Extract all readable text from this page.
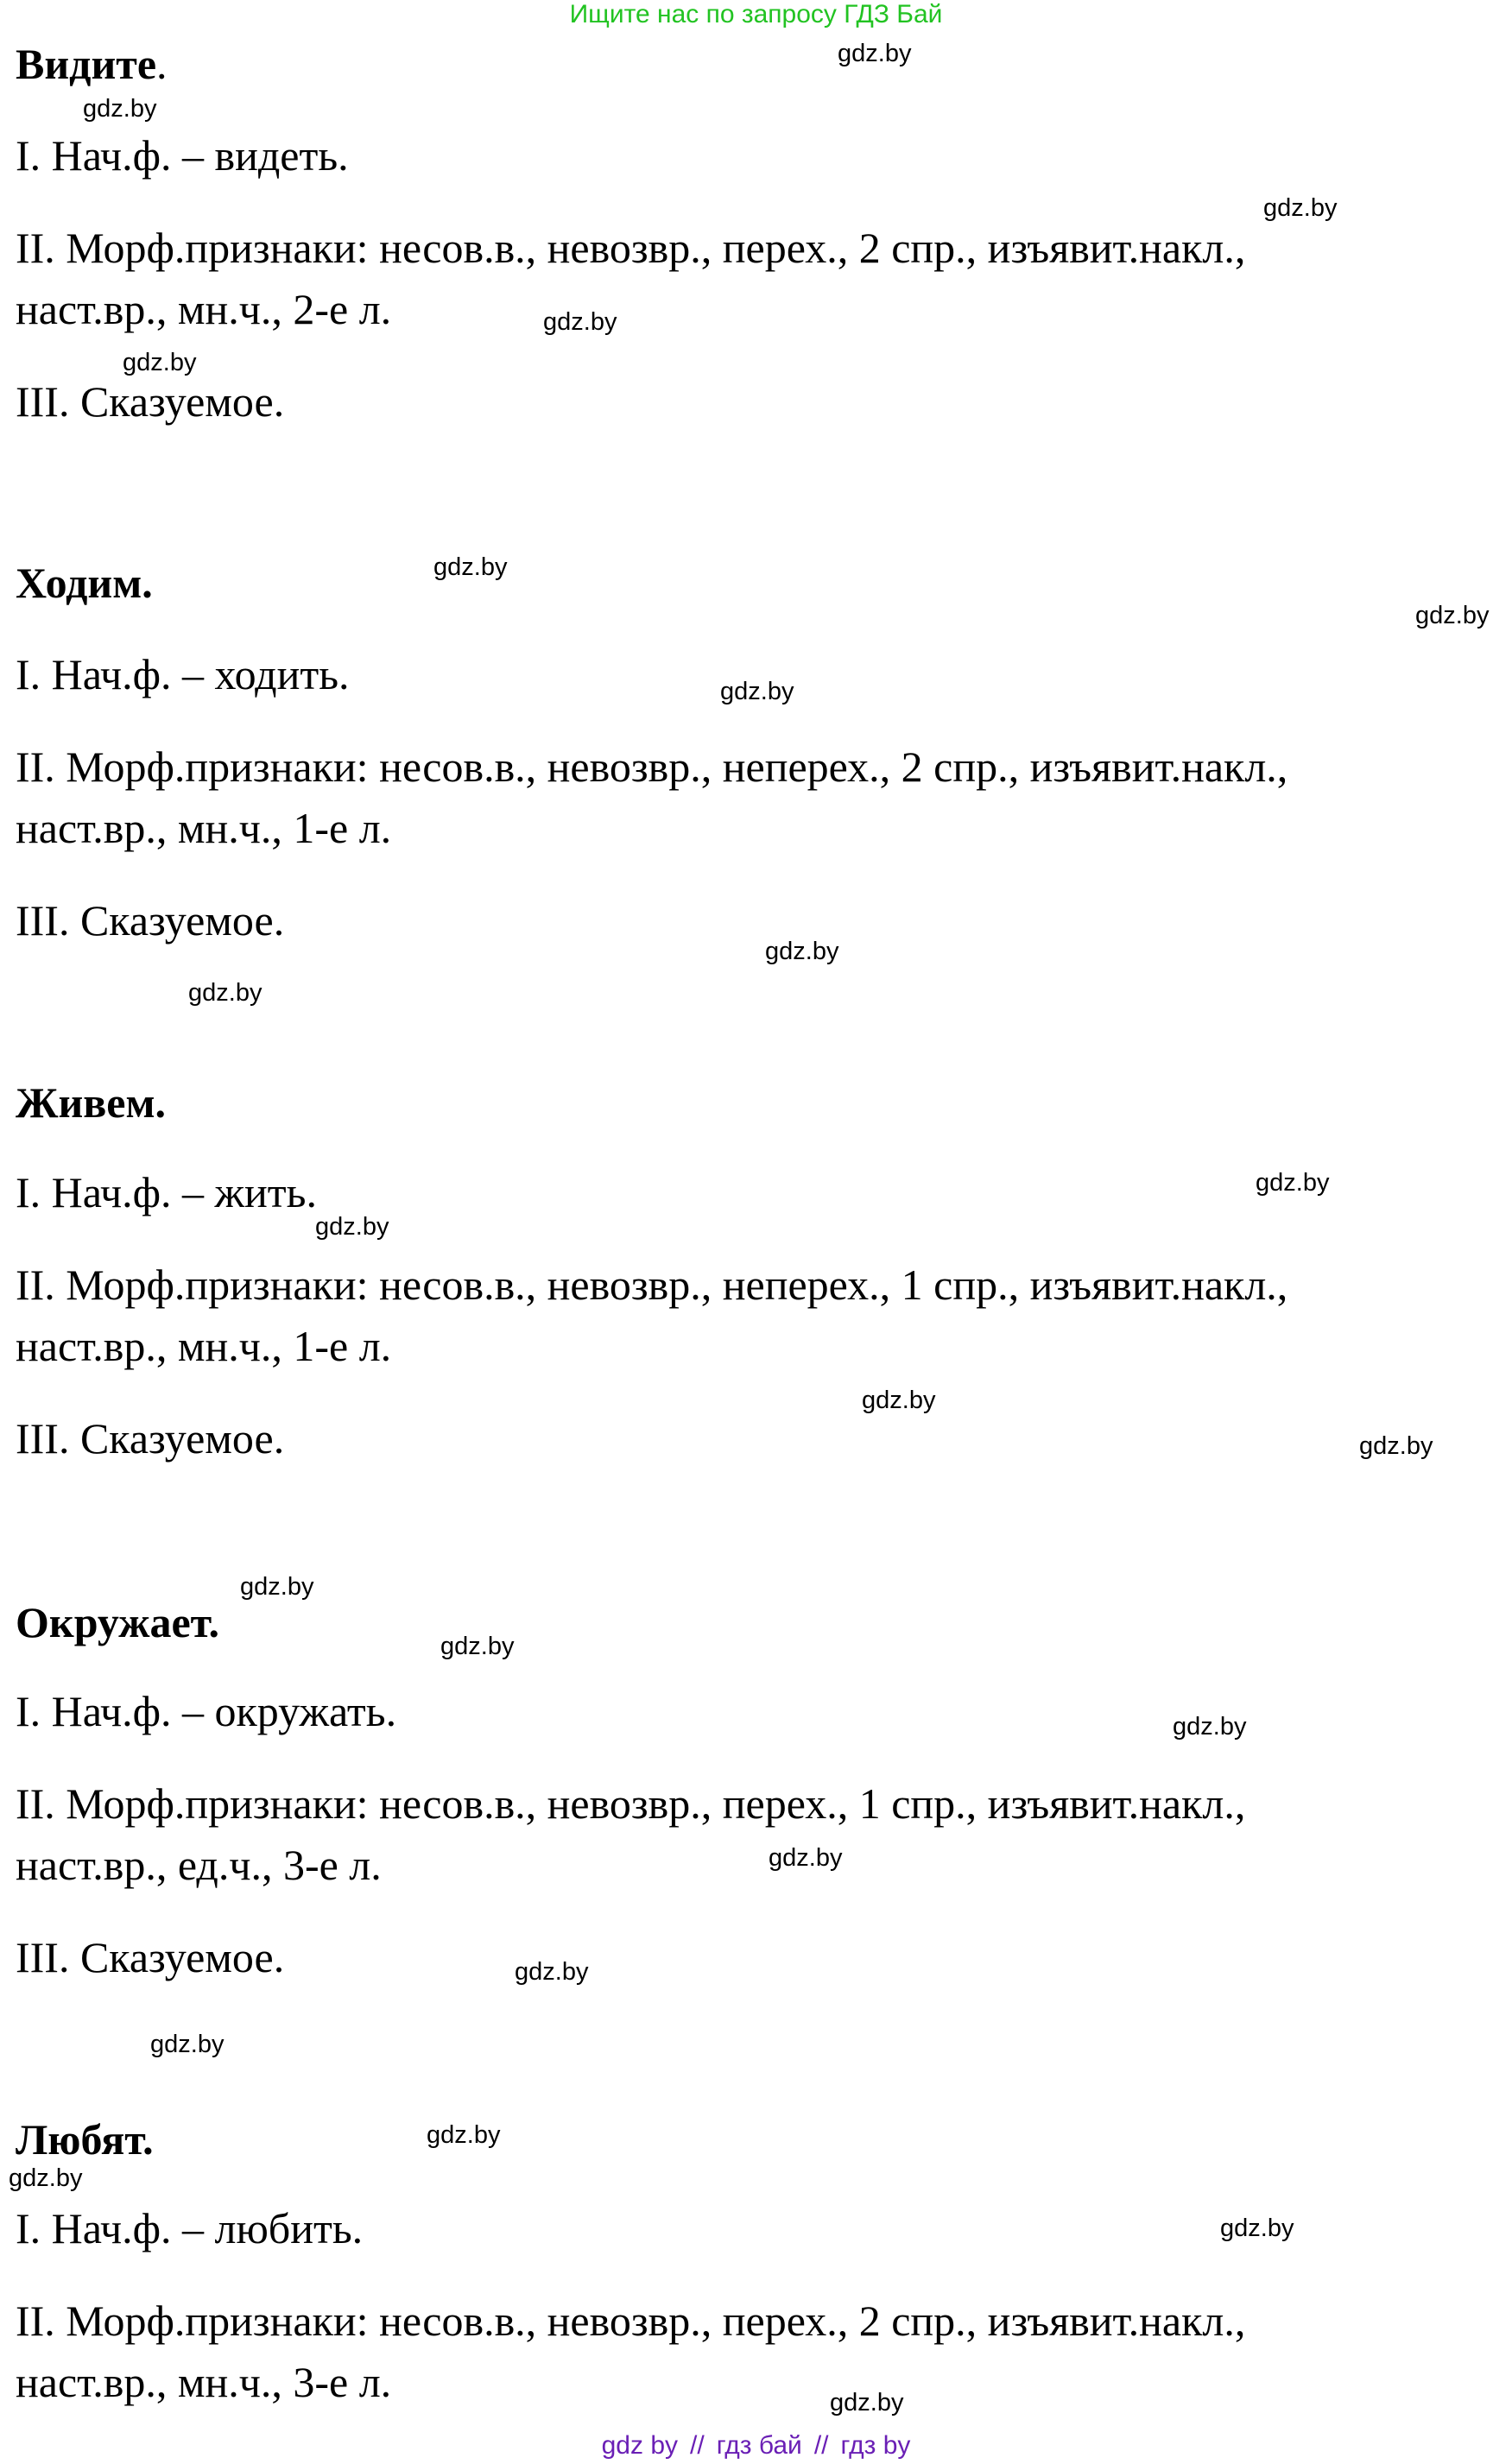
Ищите нас по запросу ГДЗ Бай
Видите.
I. Нач.ф. – видеть.
II. Морф.признаки: несов.в., невозвр., перех., 2 спр., изъявит.накл.,
наст.вр., мн.ч., 2-е л.
III. Сказуемое.
Ходим.
I. Нач.ф. – ходить.
II. Морф.признаки: несов.в., невозвр., неперех., 2 спр., изъявит.накл.,
наст.вр., мн.ч., 1-е л.
III. Сказуемое.
Живем.
I. Нач.ф. – жить.
II. Морф.признаки: несов.в., невозвр., неперех., 1 спр., изъявит.накл.,
наст.вр., мн.ч., 1-е л.
III. Сказуемое.
Окружает.
I. Нач.ф. – окружать.
II. Морф.признаки: несов.в., невозвр., перех., 1 спр., изъявит.накл.,
наст.вр., ед.ч., 3-е л.
III. Сказуемое.
Любят.
I. Нач.ф. – любить.
II. Морф.признаки: несов.в., невозвр., перех., 2 спр., изъявит.накл.,
наст.вр., мн.ч., 3-е л.
gdz.by
gdz.by
gdz.by
gdz.by
gdz.by
gdz.by
gdz.by
gdz.by
gdz.by
gdz.by
gdz.by
gdz.by
gdz.by
gdz.by
gdz.by
gdz.by
gdz.by
gdz.by
gdz.by
gdz.by
gdz.by
gdz.by
gdz.by
gdz.by
gdz by // гдз бай // гдз by
